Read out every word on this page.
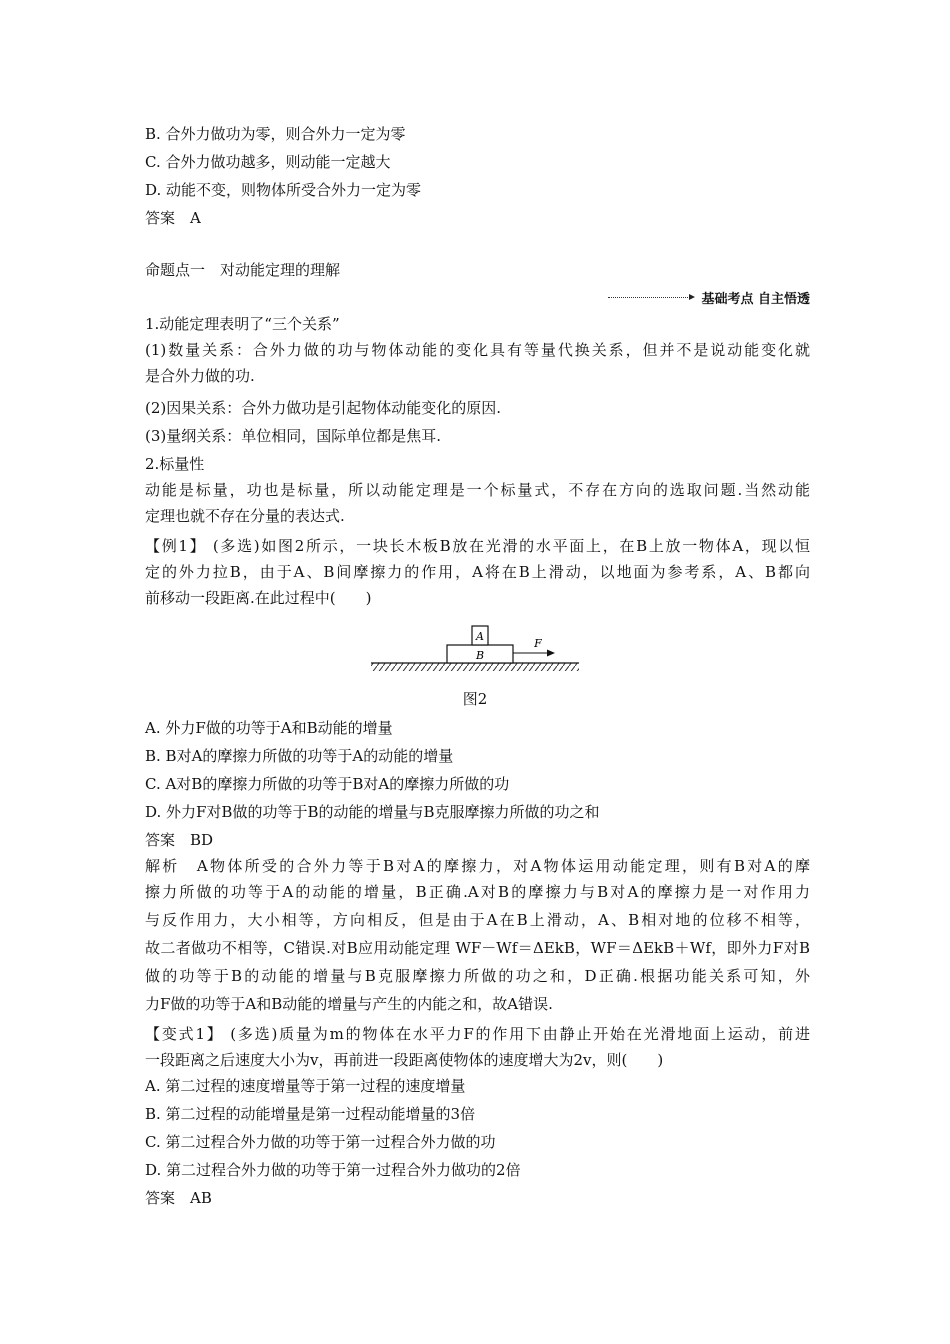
B. 合外力做功为零，则合外力一定为零
C. 合外力做功越多，则动能一定越大
D. 动能不变，则物体所受合外力一定为零
答案　A
命题点一　对动能定理的理解
1.动能定理表明了“三个关系”
(1)数量关系：合外力做的功与物体动能的变化具有等量代换关系，但并不是说动能变化就
是合外力做的功.
(2)因果关系：合外力做功是引起物体动能变化的原因.
(3)量纲关系：单位相同，国际单位都是焦耳.
2.标量性
动能是标量，功也是标量，所以动能定理是一个标量式，不存在方向的选取问题.当然动能
定理也就不存在分量的表达式.
【例1】 (多选)如图2所示，一块长木板B放在光滑的水平面上，在B上放一物体A，现以恒
定的外力拉B，由于A、B间摩擦力的作用，A将在B上滑动，以地面为参考系，A、B都向
前移动一段距离.在此过程中(　　)
A. 外力F做的功等于A和B动能的增量
B. B对A的摩擦力所做的功等于A的动能的增量
C. A对B的摩擦力所做的功等于B对A的摩擦力所做的功
D. 外力F对B做的功等于B的动能的增量与B克服摩擦力所做的功之和
答案　BD
解析　A物体所受的合外力等于B对A的摩擦力，对A物体运用动能定理，则有B对A的摩
擦力所做的功等于A的动能的增量，B正确.A对B的摩擦力与B对A的摩擦力是一对作用力
与反作用力，大小相等，方向相反，但是由于A在B上滑动，A、B相对地的位移不相等，
故二者做功不相等，C错误.对B应用动能定理 WF－Wf＝ΔEkB，WF＝ΔEkB＋Wf，即外力F对B
做的功等于B的动能的增量与B克服摩擦力所做的功之和，D正确.根据功能关系可知，外
力F做的功等于A和B动能的增量与产生的内能之和，故A错误.
【变式1】 (多选)质量为m的物体在水平力F的作用下由静止开始在光滑地面上运动，前进
一段距离之后速度大小为v，再前进一段距离使物体的速度增大为2v，则(　　)
A. 第二过程的速度增量等于第一过程的速度增量
B. 第二过程的动能增量是第一过程动能增量的3倍
C. 第二过程合外力做的功等于第一过程合外力做的功
D. 第二过程合外力做的功等于第一过程合外力做功的2倍
答案　AB
基础考点 自主悟透
A
B
F
图2
